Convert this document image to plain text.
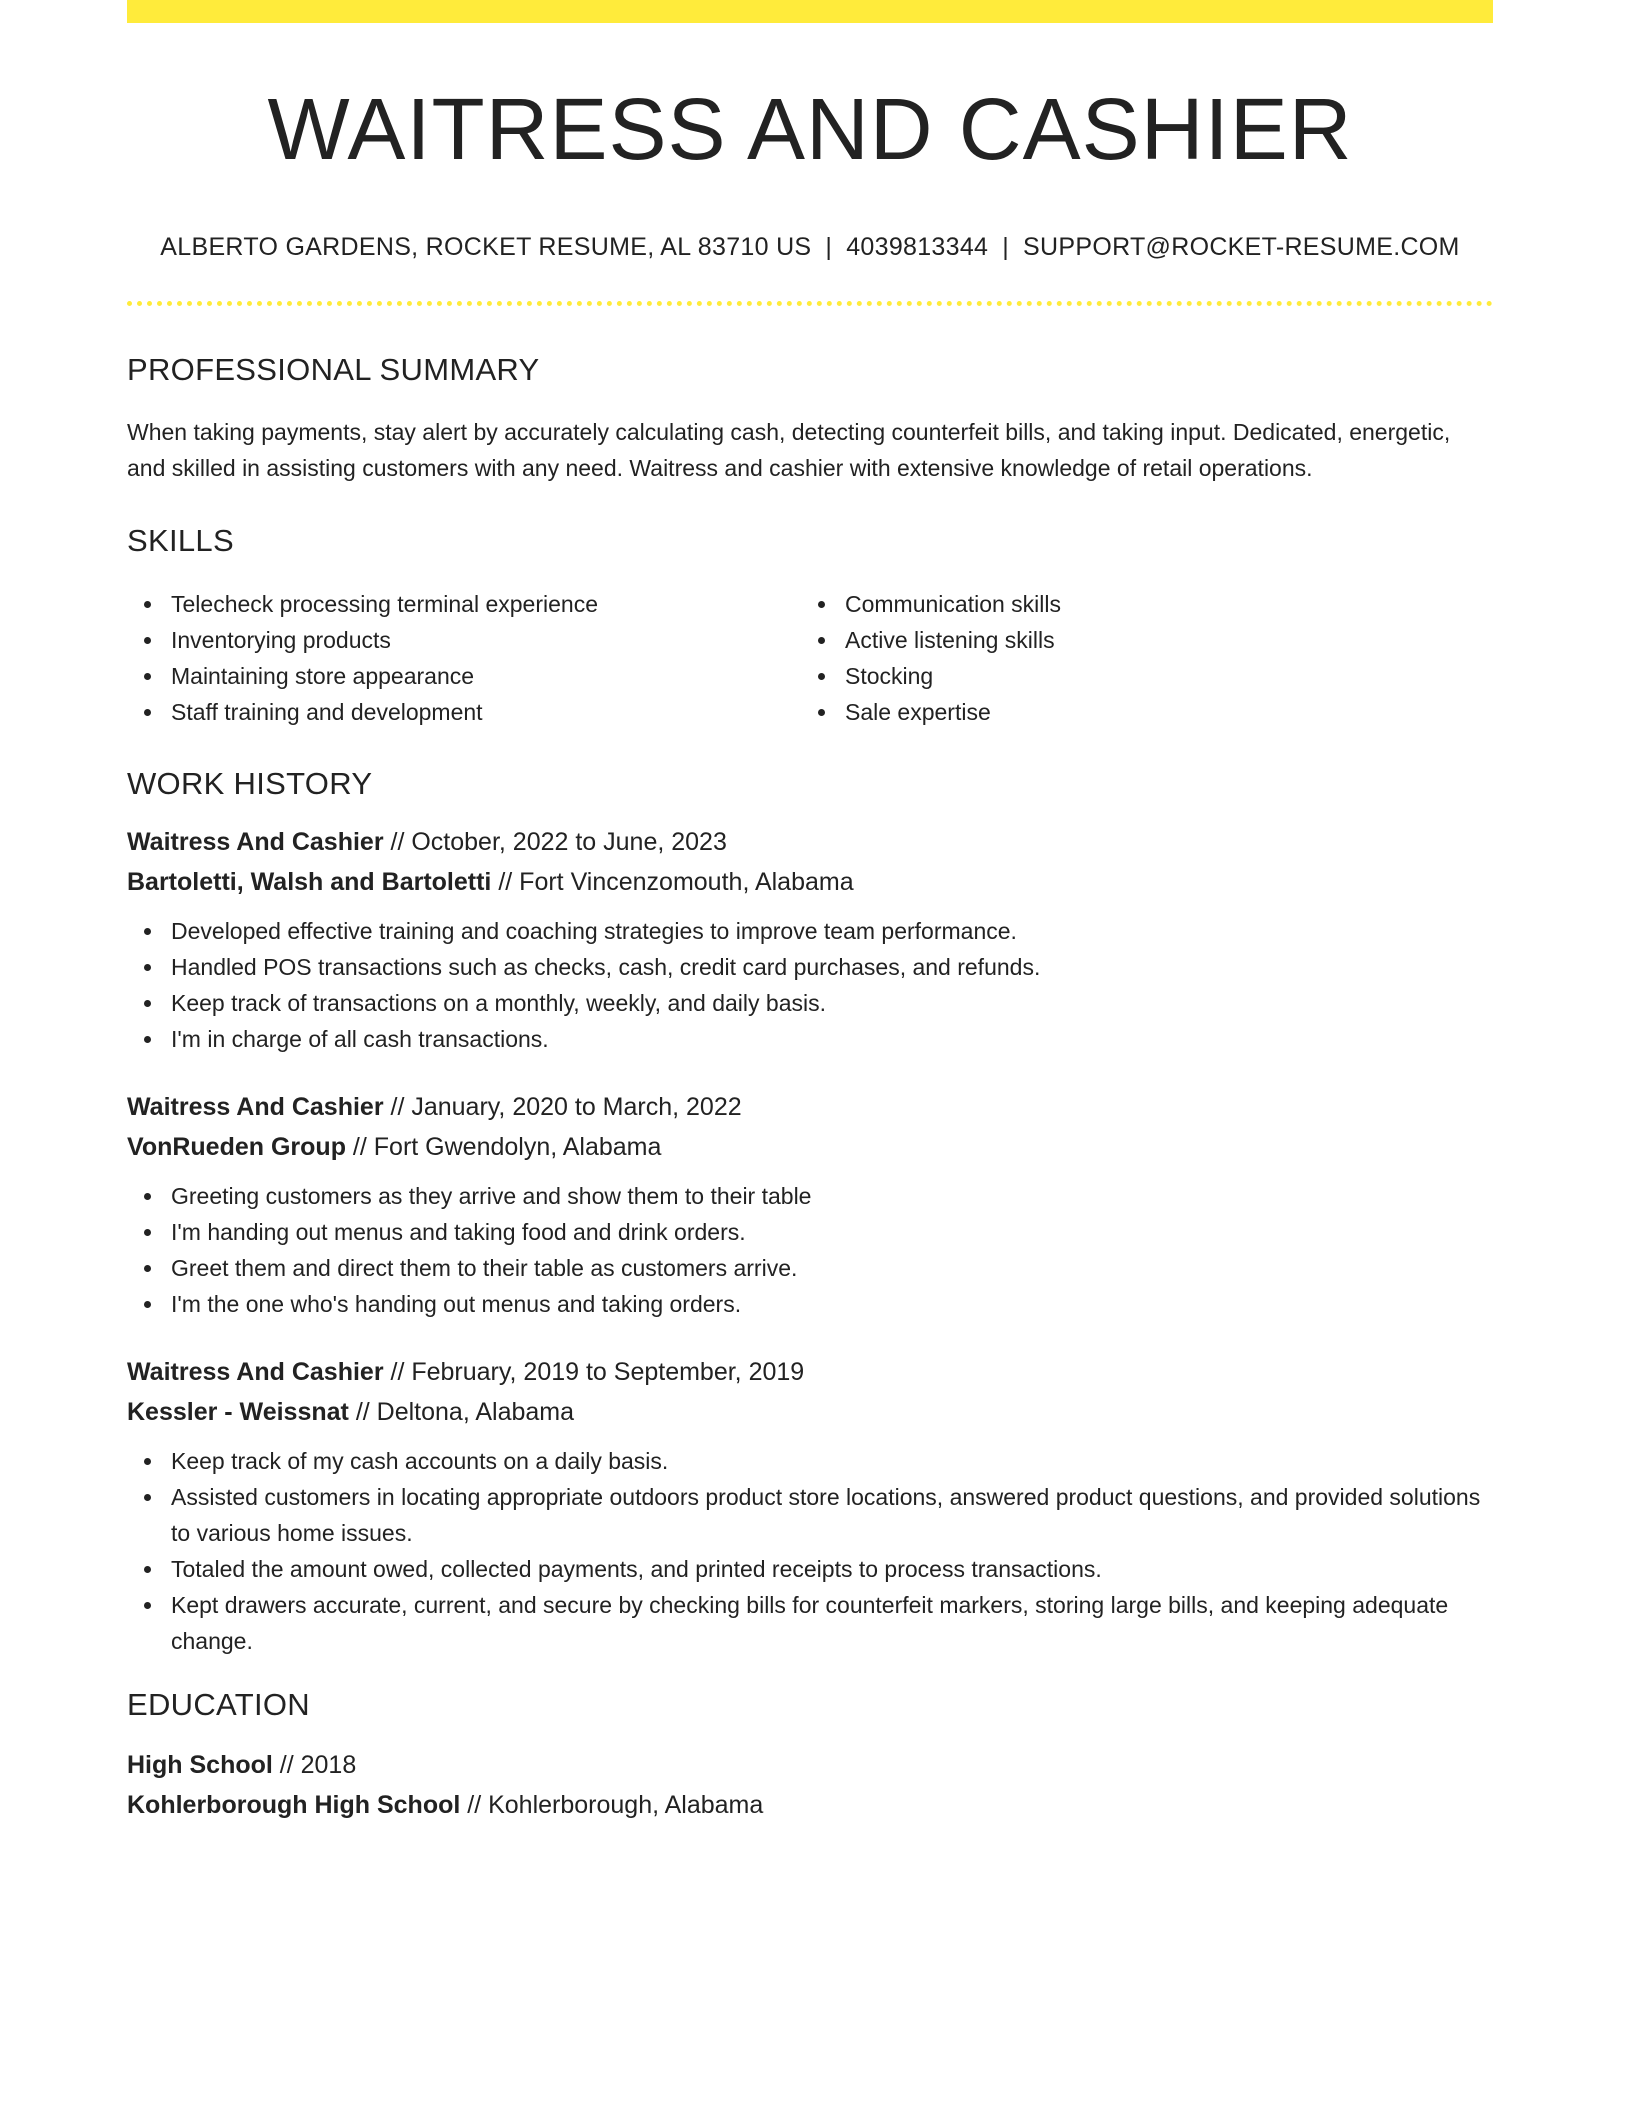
WAITRESS AND CASHIER
ALBERTO GARDENS, ROCKET RESUME, AL 83710 US | 4039813344 | SUPPORT@ROCKET-RESUME.COM
PROFESSIONAL SUMMARY

When taking payments, stay alert by accurately calculating cash, detecting counterfeit bills, and taking input. Dedicated, energetic, and skilled in assisting customers with any need. Waitress and cashier with extensive knowledge of retail operations.

SKILLS
Telecheck processing terminal experience
Inventorying products
Maintaining store appearance
Staff training and development
Communication skills
Active listening skills
Stocking
Sale expertise
WORK HISTORY
Waitress And Cashier // October, 2022 to June, 2023
Bartoletti, Walsh and Bartoletti // Fort Vincenzomouth, Alabama
Developed effective training and coaching strategies to improve team performance.
Handled POS transactions such as checks, cash, credit card purchases, and refunds.
Keep track of transactions on a monthly, weekly, and daily basis.
I'm in charge of all cash transactions.
Waitress And Cashier // January, 2020 to March, 2022
VonRueden Group // Fort Gwendolyn, Alabama
Greeting customers as they arrive and show them to their table
I'm handing out menus and taking food and drink orders.
Greet them and direct them to their table as customers arrive.
I'm the one who's handing out menus and taking orders.
Waitress And Cashier // February, 2019 to September, 2019
Kessler - Weissnat // Deltona, Alabama
Keep track of my cash accounts on a daily basis.
Assisted customers in locating appropriate outdoors product store locations, answered product questions, and provided solutions to various home issues.
Totaled the amount owed, collected payments, and printed receipts to process transactions.
Kept drawers accurate, current, and secure by checking bills for counterfeit markers, storing large bills, and keeping adequate change.
EDUCATION
High School // 2018
Kohlerborough High School // Kohlerborough, Alabama
